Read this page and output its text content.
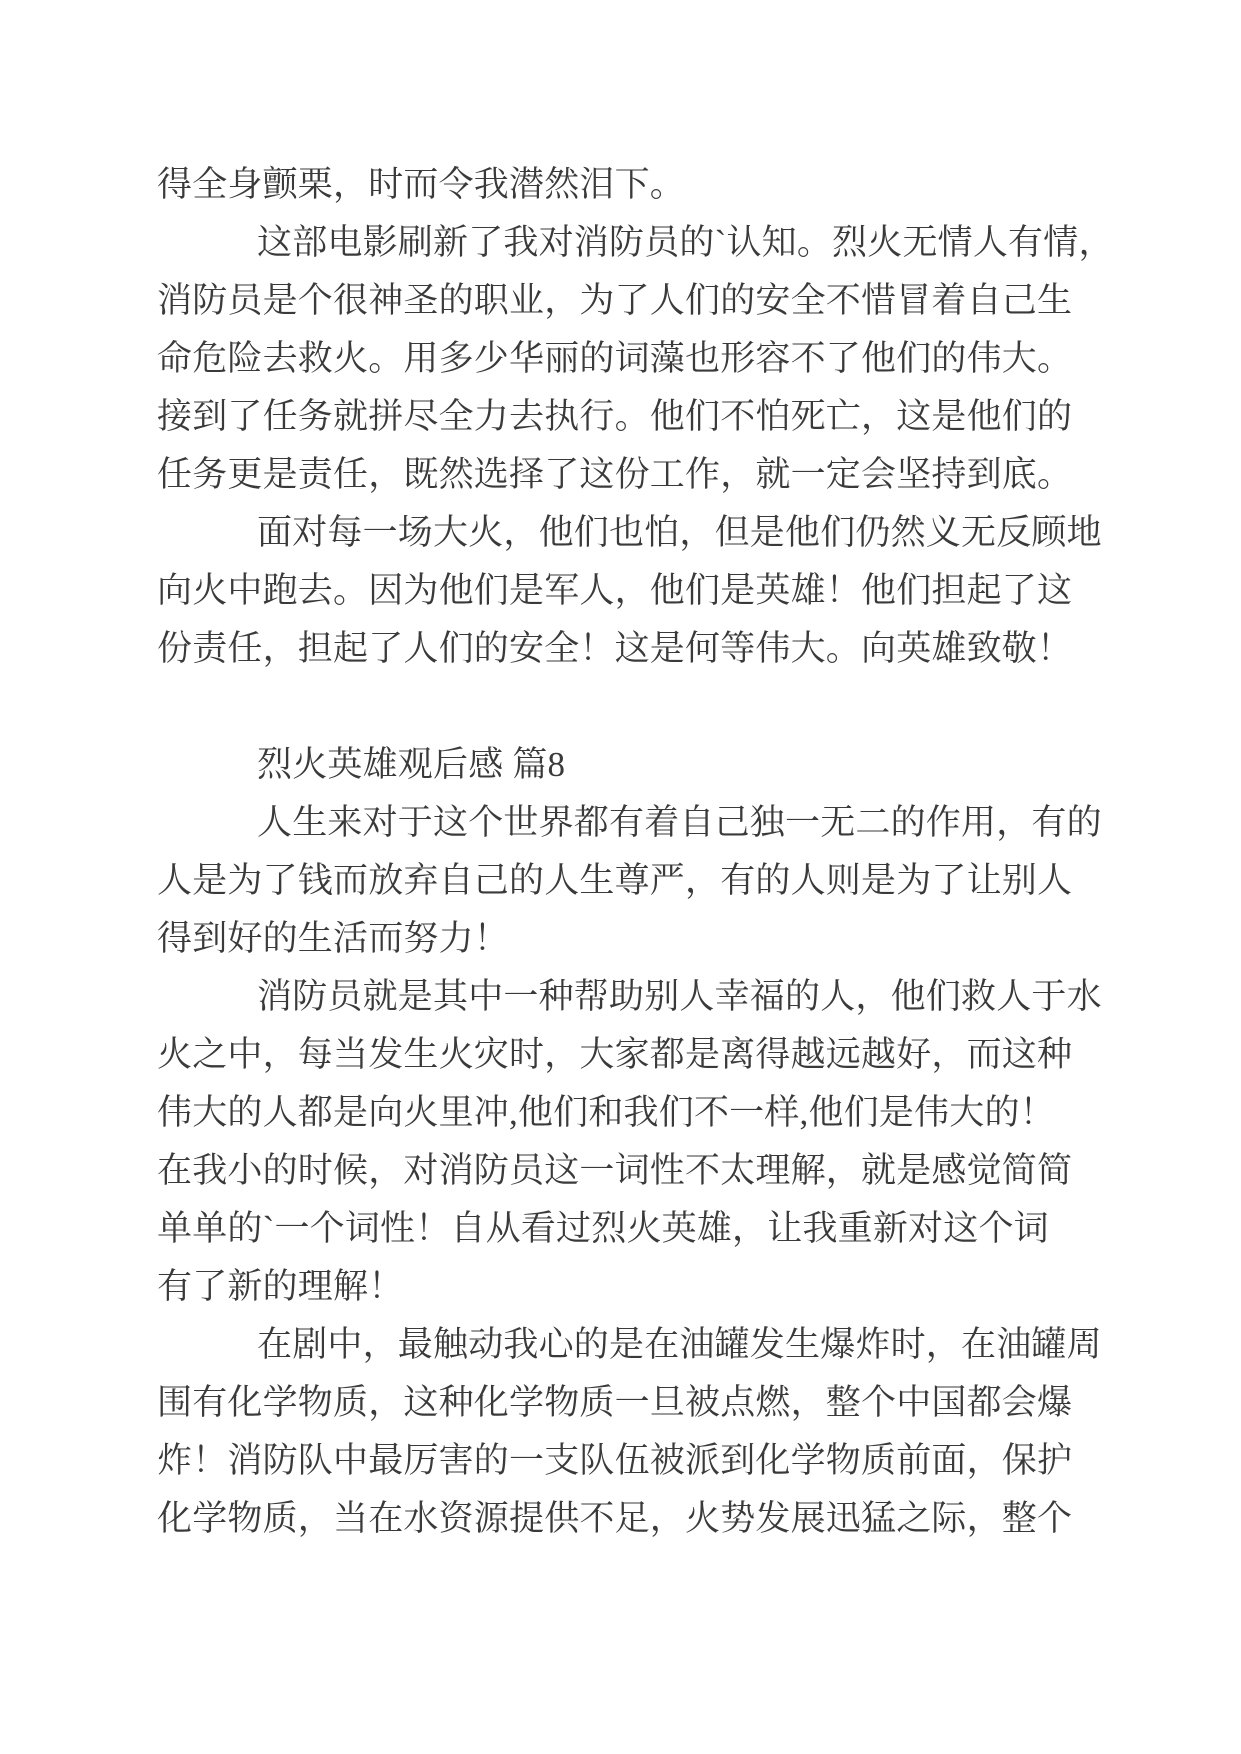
得全身颤栗，时而令我潜然泪下。
这部电影刷新了我对消防员的`认知。烈火无情人有情，
消防员是个很神圣的职业，为了人们的安全不惜冒着自己生
命危险去救火。用多少华丽的词藻也形容不了他们的伟大。
接到了任务就拼尽全力去执行。他们不怕死亡，这是他们的
任务更是责任，既然选择了这份工作，就一定会坚持到底。
面对每一场大火，他们也怕，但是他们仍然义无反顾地
向火中跑去。因为他们是军人，他们是英雄！他们担起了这
份责任，担起了人们的安全！这是何等伟大。向英雄致敬！
烈火英雄观后感 篇8
人生来对于这个世界都有着自己独一无二的作用，有的
人是为了钱而放弃自己的人生尊严，有的人则是为了让别人
得到好的生活而努力！
消防员就是其中一种帮助别人幸福的人，他们救人于水
火之中，每当发生火灾时，大家都是离得越远越好，而这种
伟大的人都是向火里冲,他们和我们不一样,他们是伟大的！
在我小的时候，对消防员这一词性不太理解，就是感觉简简
单单的`一个词性！自从看过烈火英雄，让我重新对这个词
有了新的理解！
在剧中，最触动我心的是在油罐发生爆炸时，在油罐周
围有化学物质，这种化学物质一旦被点燃，整个中国都会爆
炸！消防队中最厉害的一支队伍被派到化学物质前面，保护
化学物质，当在水资源提供不足，火势发展迅猛之际，整个
